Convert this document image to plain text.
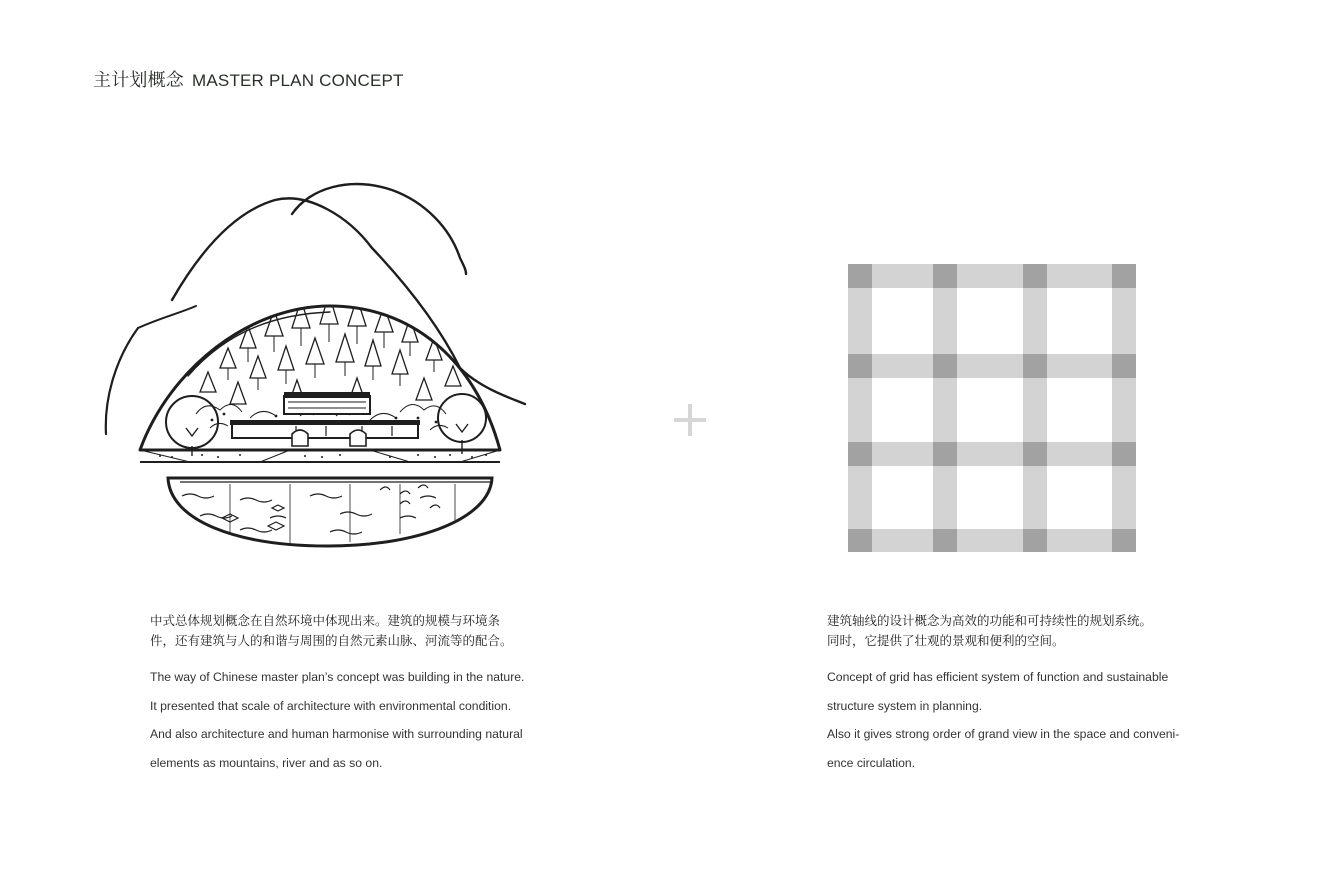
主计划概念 MASTER PLAN CONCEPT
中式总体规划概念在自然环境中体现出来。建筑的规模与环境条
件，还有建筑与人的和谐与周围的自然元素山脉、河流等的配合。
The way of Chinese master plan’s concept was building in the nature.
It presented that scale of architecture with environmental condition.
And also architecture and human harmonise with surrounding natural
elements as mountains, river and as so on.
建筑轴线的设计概念为高效的功能和可持续性的规划系统。
同时，它提供了壮观的景观和便利的空间。
Concept of grid has efficient system of function and sustainable
structure system in planning.
Also it gives strong order of grand view in the space and conveni-
ence circulation.
